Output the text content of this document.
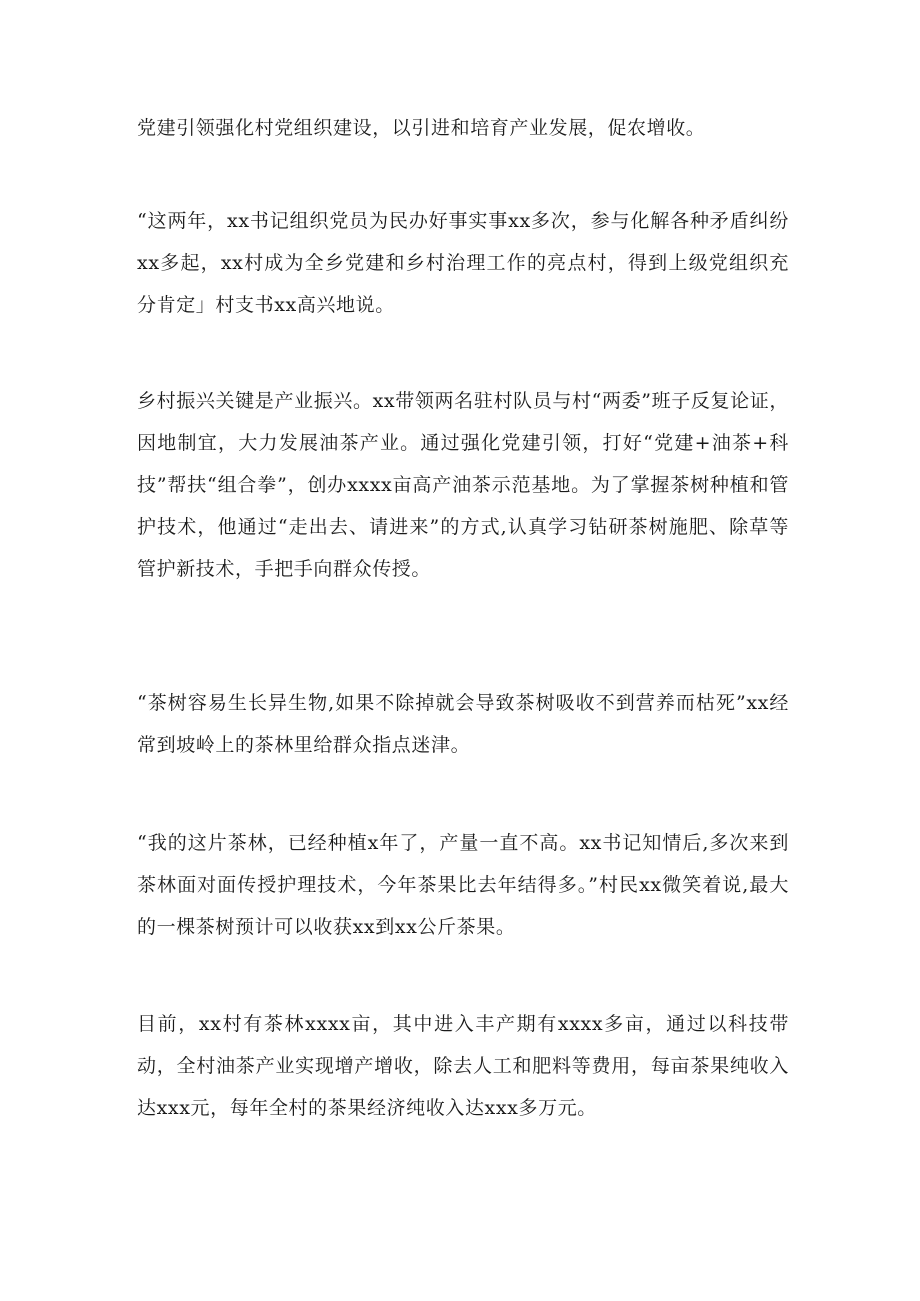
党建引领强化村党组织建设，以引进和培育产业发展，促农增收。

“这两年，xx书记组织党员为民办好事实事xx多次，参与化解各种矛盾纠纷xx多起，xx村成为全乡党建和乡村治理工作的亮点村，得到上级党组织充分肯定」村支书xx高兴地说。

乡村振兴关键是产业振兴。xx带领两名驻村队员与村“两委”班子反复论证，因地制宜，大力发展油茶产业。通过强化党建引领，打好“党建+油茶+科技”帮扶“组合拳”，创办xxxx亩高产油茶示范基地。为了掌握茶树种植和管护技术，他通过“走出去、请进来”的方式,认真学习钻研茶树施肥、除草等管护新技术，手把手向群众传授。

“茶树容易生长异生物,如果不除掉就会导致茶树吸收不到营养而枯死”xx经常到坡岭上的茶林里给群众指点迷津。

“我的这片茶林，已经种植x年了，产量一直不高。xx书记知情后,多次来到茶林面对面传授护理技术，今年茶果比去年结得多。”村民xx微笑着说,最大的一棵茶树预计可以收获xx到xx公斤茶果。

目前，xx村有茶林xxxx亩，其中进入丰产期有xxxx多亩，通过以科技带动，全村油茶产业实现增产增收，除去人工和肥料等费用，每亩茶果纯收入达xxx元，每年全村的茶果经济纯收入达xxx多万元。
